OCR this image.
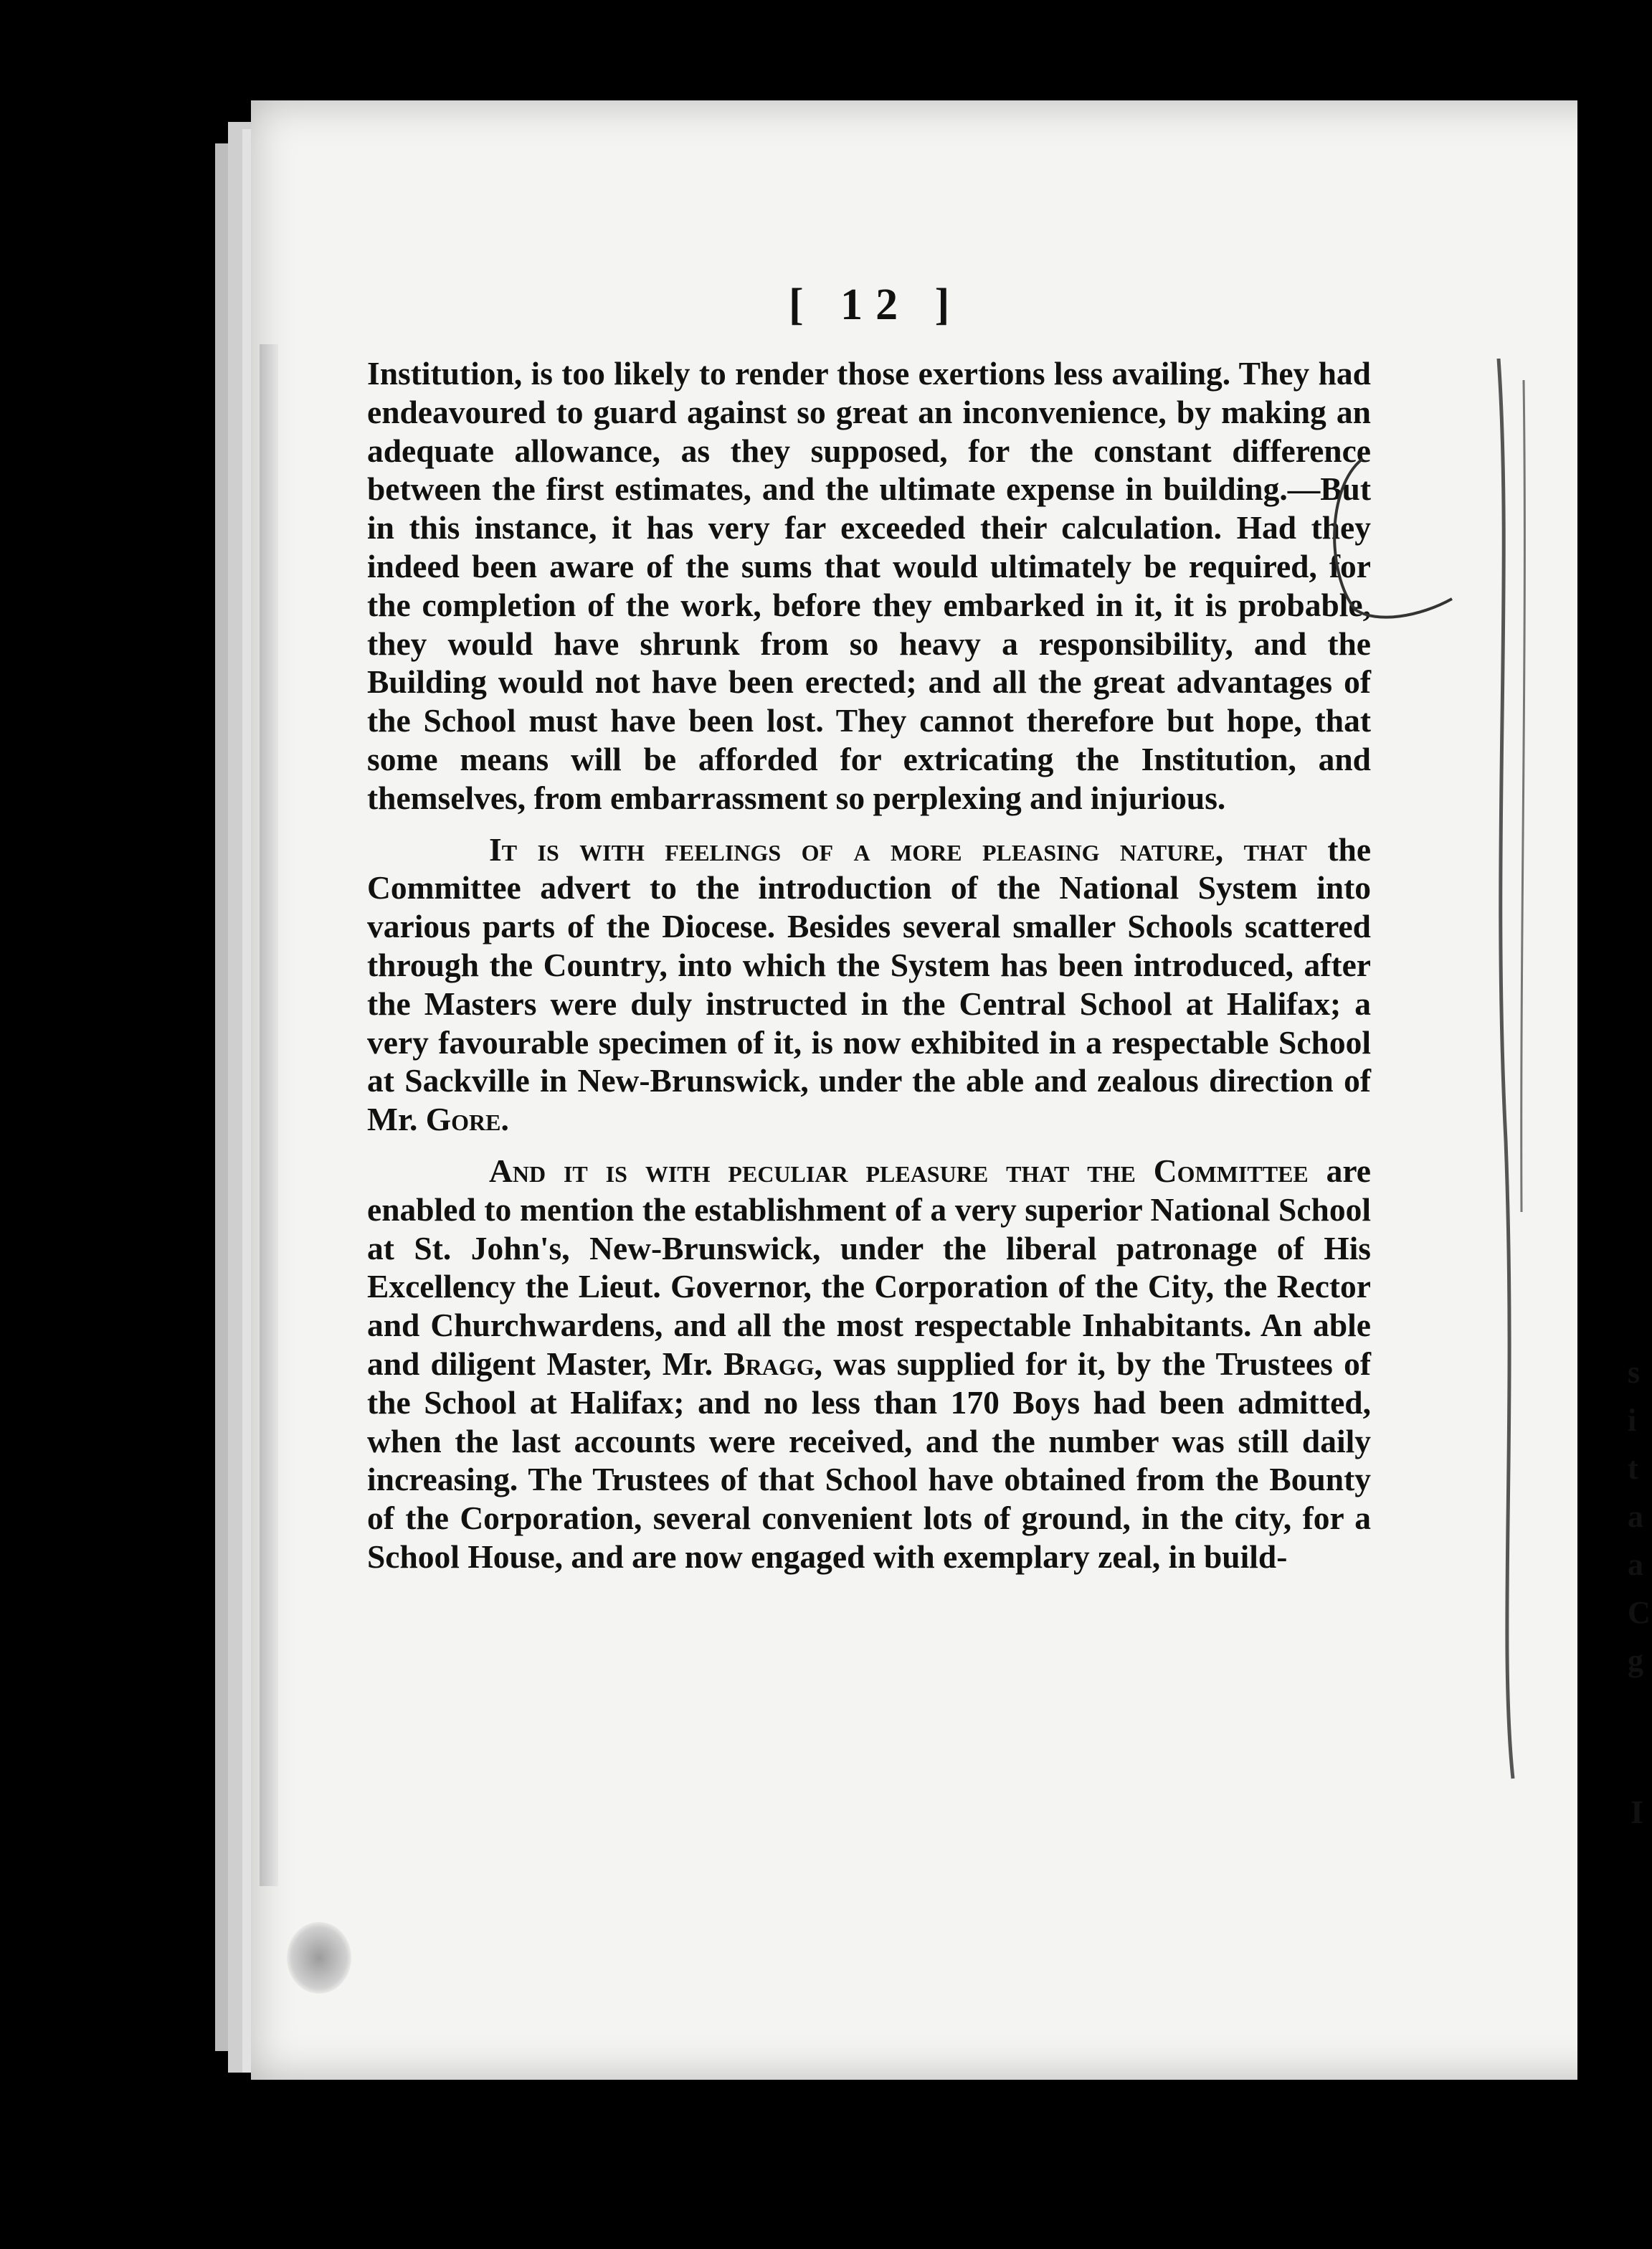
s
i
t
a
a
C
g
I
[ 12 ]

Institution, is too likely to render those exertions less availing. They had endeavoured to guard against so great an inconvenience, by making an adequate allowance, as they supposed, for the constant difference between the first estimates, and the ultimate expense in building.—But in this instance, it has very far exceeded their calculation. Had they indeed been aware of the sums that would ultimately be required, for the completion of the work, before they embarked in it, it is probable, they would have shrunk from so heavy a responsibility, and the Building would not have been erected; and all the great advantages of the School must have been lost. They cannot therefore but hope, that some means will be afforded for extricating the Institution, and themselves, from embarrassment so perplexing and injurious.

It is with feelings of a more pleasing nature, that the Committee advert to the introduction of the National System into various parts of the Diocese. Besides several smaller Schools scattered through the Country, into which the System has been introduced, after the Masters were duly instructed in the Central School at Halifax; a very favourable specimen of it, is now exhibited in a respectable School at Sackville in New-Brunswick, under the able and zealous direction of Mr. Gore.

And it is with peculiar pleasure that the Committee are enabled to mention the establishment of a very superior National School at St. John's, New-Brunswick, under the liberal patronage of His Excellency the Lieut. Governor, the Corporation of the City, the Rector and Churchwardens, and all the most respectable Inhabitants. An able and diligent Master, Mr. Bragg, was supplied for it, by the Trustees of the School at Halifax; and no less than 170 Boys had been admitted, when the last accounts were received, and the number was still daily increasing. The Trustees of that School have obtained from the Bounty of the Corporation, several convenient lots of ground, in the city, for a School House, and are now engaged with exemplary zeal, in build-
